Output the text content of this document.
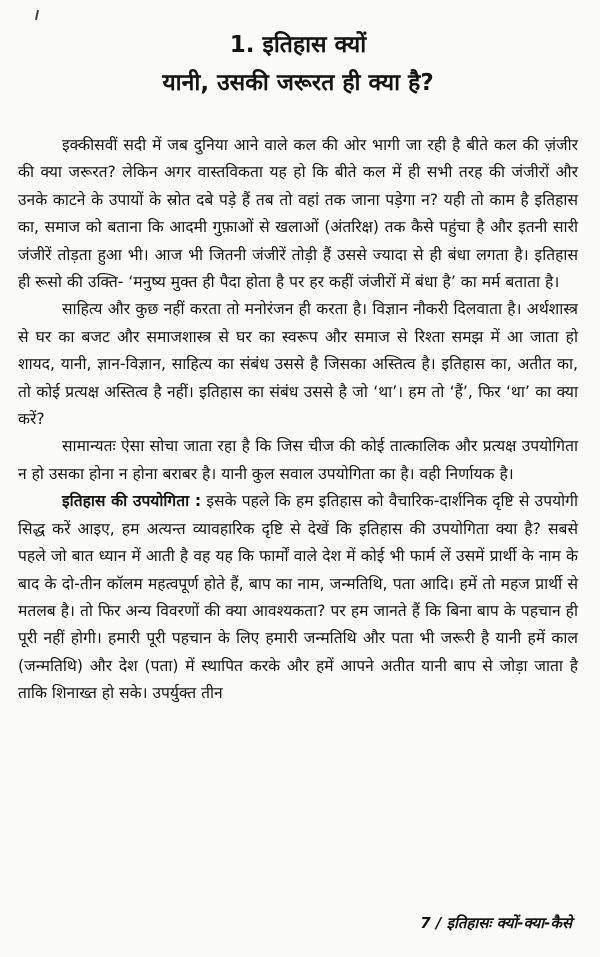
1. इतिहास क्यों
यानी, उसकी जरूरत ही क्या है?

इक्कीसवीं सदी में जब दुनिया आने वाले कल की ओर भागी जा रही है बीते कल की ज़ंजीर की क्या जरूरत? लेकिन अगर वास्तविकता यह हो कि बीते कल में ही सभी तरह की जंजीरों और उनके काटने के उपायों के स्रोत दबे पड़े हैं तब तो वहां तक जाना पड़ेगा न? यही तो काम है इतिहास का, समाज को बताना कि आदमी गुफ़ाओं से खलाओं (अंतरिक्ष) तक कैसे पहुंचा है और इतनी सारी जंजीरें तोड़ता हुआ भी। आज भी जितनी जंजीरें तोड़ी हैं उससे ज्यादा से ही बंधा लगता है। इतिहास ही रूसो की उक्ति- ‘मनुष्य मुक्त ही पैदा होता है पर हर कहीं जंजीरों में बंधा है’ का मर्म बताता है।

साहित्य और कुछ नहीं करता तो मनोरंजन ही करता है। विज्ञान नौकरी दिलवाता है। अर्थशास्त्र से घर का बजट और समाजशास्त्र से घर का स्वरूप और समाज से रिश्ता समझ में आ जाता हो शायद, यानी, ज्ञान-विज्ञान, साहित्य का संबंध उससे है जिसका अस्तित्व है। इतिहास का, अतीत का, तो कोई प्रत्यक्ष अस्तित्व है नहीं। इतिहास का संबंध उससे है जो ‘था’। हम तो ‘हैं’, फिर ‘था’ का क्या करें?

सामान्यतः ऐसा सोचा जाता रहा है कि जिस चीज की कोई तात्कालिक और प्रत्यक्ष उपयोगिता न हो उसका होना न होना बराबर है। यानी कुल सवाल उपयोगिता का है। वही निर्णायक है।

इतिहास की उपयोगिता : इसके पहले कि हम इतिहास को वैचारिक-दार्शनिक दृष्टि से उपयोगी सिद्ध करें आइए, हम अत्यन्त व्यावहारिक दृष्टि से देखें कि इतिहास की उपयोगिता क्या है? सबसे पहले जो बात ध्यान में आती है वह यह कि फार्मों वाले देश में कोई भी फार्म लें उसमें प्रार्थी के नाम के बाद के दो-तीन कॉलम महत्वपूर्ण होते हैं, बाप का नाम, जन्मतिथि, पता आदि। हमें तो महज प्रार्थी से मतलब है। तो फिर अन्य विवरणों की क्या आवश्यकता? पर हम जानते हैं कि बिना बाप के पहचान ही पूरी नहीं होगी। हमारी पूरी पहचान के लिए हमारी जन्मतिथि और पता भी जरूरी है यानी हमें काल (जन्मतिथि) और देश (पता) में स्थापित करके और हमें आपने अतीत यानी बाप से जोड़ा जाता है ताकि शिनाख्त हो सके। उपर्युक्त तीन

7 / इतिहासः क्यों-क्या-कैसे
